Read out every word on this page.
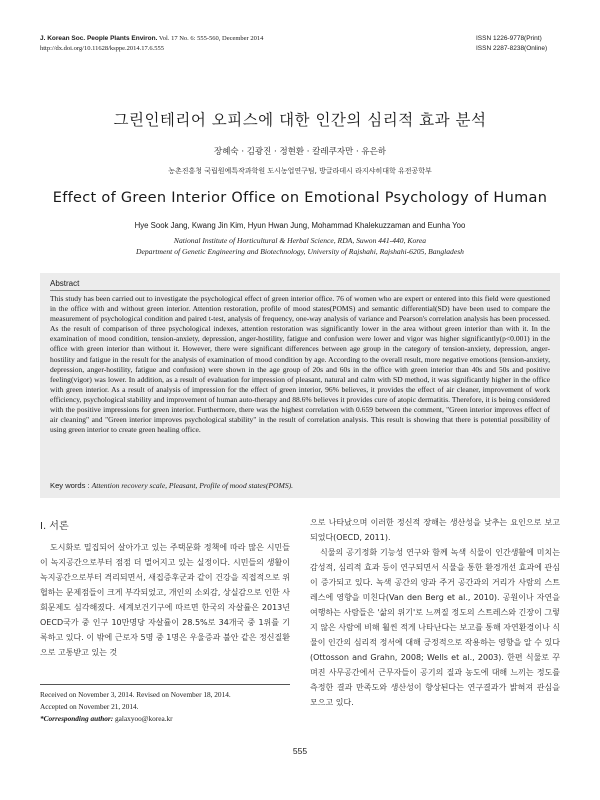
J. Korean Soc. People Plants Environ. Vol. 17 No. 6: 555-560, December 2014
http://dx.doi.org/10.11628/ksppe.2014.17.6.555
ISSN 1226-9778(Print)
ISSN 2287-8238(Online)
그린인테리어 오피스에 대한 인간의 심리적 효과 분석
장혜숙 · 김광진 · 정현환 · 칼레쿠자만 · 유은하
농촌진흥청 국립원예특작과학원 도시농업연구팀, 방글라데시 라지샤히대학 유전공학부
Effect of Green Interior Office on Emotional Psychology of Human
Hye Sook Jang, Kwang Jin Kim, Hyun Hwan Jung, Mohammad Khalekuzzaman and Eunha Yoo
National Institute of Horticultural & Herbal Science, RDA, Suwon 441-440, Korea
Department of Genetic Engineering and Biotechnology, University of Rajshahi, Rajshahi-6205, Bangladesh
Abstract
This study has been carried out to investigate the psychological effect of green interior office. 76 of women who are expert or entered into this field were questioned in the office with and without green interior. Attention restoration, profile of mood states(POMS) and semantic differential(SD) have been used to compare the measurement of psychological condition and paired t-test, analysis of frequency, one-way analysis of variance and Pearson's correlation analysis has been processed. As the result of comparison of three psychological indexes, attention restoration was significantly lower in the area without green interior than with it. In the examination of mood condition, tension-anxiety, depression, anger-hostility, fatigue and confusion were lower and vigor was higher significantly(p<0.001) in the office with green interior than without it. However, there were significant differences between age group in the category of tension-anxiety, depression, anger-hostility and fatigue in the result for the analysis of examination of mood condition by age. According to the overall result, more negative emotions (tension-anxiety, depression, anger-hostility, fatigue and confusion) were shown in the age group of 20s and 60s in the office with green interior than 40s and 50s and positive feeling(vigor) was lower. In addition, as a result of evaluation for impression of pleasant, natural and calm with SD method, it was significantly higher in the office with green interior. As a result of analysis of impression for the effect of green interior, 96% believes, it provides the effect of air cleaner, improvement of work efficiency, psychological stability and improvement of human auto-therapy and 88.6% believes it provides cure of atopic dermatitis. Therefore, it is being considered with the positive impressions for green interior. Furthermore, there was the highest correlation with 0.659 between the comment, "Green interior improves effect of air cleaning" and "Green interior improves psychological stability" in the result of correlation analysis. This result is showing that there is potential possibility of using green interior to create green healing office.
Key words : Attention recovery scale, Pleasant, Profile of mood states(POMS).
Ⅰ. 서론

도시화로 밀집되어 살아가고 있는 주택문화 정책에 따라 많은 시민들이 녹지공간으로부터 점점 더 멀어지고 있는 실정이다. 시민들의 생활이 녹지공간으로부터 격리되면서, 새집증후군과 같이 건강을 직접적으로 위협하는 문제점들이 크게 부각되었고, 개인의 소외감, 상실감으로 인한 사회문제도 심각해졌다. 세계보건기구에 따르면 한국의 자살률은 2013년 OECD국가 중 인구 10만명당 자살률이 28.5%로 34개국 중 1위를 기록하고 있다. 이 밖에 근로자 5명 중 1명은 우울증과 불안 같은 정신질환으로 고통받고 있는 것

으로 나타났으며 이러한 정신적 장해는 생산성을 낮추는 요인으로 보고되었다(OECD, 2011).

식물의 공기정화 기능성 연구와 함께 녹색 식물이 인간생활에 미치는 감성적, 심리적 효과 등이 연구되면서 식물을 통한 환경개선 효과에 관심이 증가되고 있다. 녹색 공간의 양과 주거 공간과의 거리가 사람의 스트레스에 영향을 미친다(Van den Berg et al., 2010). 공원이나 자연을 여행하는 사람들은 '삶의 위기'로 느껴질 정도의 스트레스와 긴장이 그렇지 않은 사람에 비해 훨씬 적게 나타난다는 보고를 통해 자연환경이나 식물이 인간의 심리적 정서에 대해 긍정적으로 작용하는 영향을 알 수 있다(Ottosson and Grahn, 2008; Wells et al., 2003). 한편 식물로 꾸며진 사무공간에서 근무자들이 공기의 질과 농도에 대해 느끼는 정도를 측정한 결과 만족도와 생산성이 향상된다는 연구결과가 밝혀져 관심을 모으고 있다.

Received on November 3, 2014. Revised on November 18, 2014.
Accepted on November 21, 2014.
*Corresponding author: galaxyoo@korea.kr
555
